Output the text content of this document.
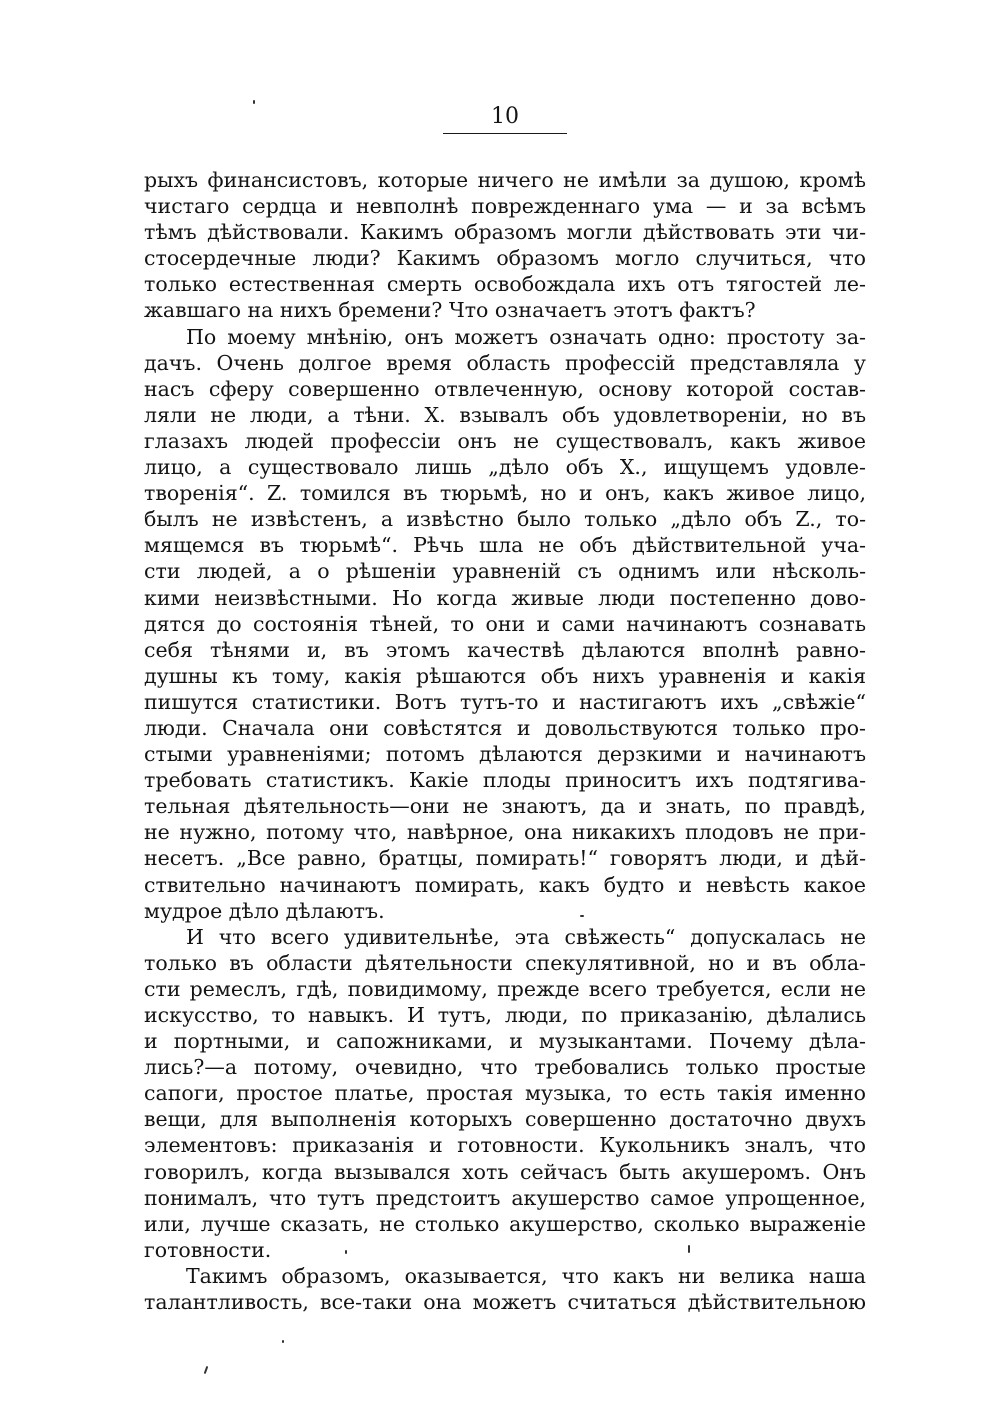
10
рыхъ финансистовъ, которые ничего не имѣли за душою, кромѣ
чистаго сердца и невполнѣ поврежденнаго ума — и за всѣмъ
тѣмъ дѣйствовали. Какимъ образомъ могли дѣйствовать эти чи-
стосердечные люди? Какимъ образомъ могло случиться, что
только естественная смерть освобождала ихъ отъ тягостей ле-
жавшаго на нихъ бремени? Что означаетъ этотъ фактъ?
По моему мнѣнію, онъ можетъ означать одно: простоту за-
дачъ. Очень долгое время область профессій представляла у
насъ сферу совершенно отвлеченную, основу которой состав-
ляли не люди, а тѣни. X. взывалъ объ удовлетвореніи, но въ
глазахъ людей профессіи онъ не существовалъ, какъ живое
лицо, а существовало лишь „дѣло объ X., ищущемъ удовле-
творенія“. Z. томился въ тюрьмѣ, но и онъ, какъ живое лицо,
былъ не извѣстенъ, а извѣстно было только „дѣло объ Z., то-
мящемся въ тюрьмѣ“. Рѣчь шла не объ дѣйствительной уча-
сти людей, а о рѣшеніи уравненій съ однимъ или нѣсколь-
кими неизвѣстными. Но когда живые люди постепенно дово-
дятся до состоянія тѣней, то они и сами начинаютъ сознавать
себя тѣнями и, въ этомъ качествѣ дѣлаются вполнѣ равно-
душны къ тому, какія рѣшаются объ нихъ уравненія и какія
пишутся статистики. Вотъ тутъ-то и настигаютъ ихъ „свѣжіе“
люди. Сначала они совѣстятся и довольствуются только про-
стыми уравненіями; потомъ дѣлаются дерзкими и начинаютъ
требовать статистикъ. Какіе плоды приноситъ ихъ подтягива-
тельная дѣятельность—они не знаютъ, да и знать, по правдѣ,
не нужно, потому что, навѣрное, она никакихъ плодовъ не при-
несетъ. „Все равно, братцы, помирать!“ говорятъ люди, и дѣй-
ствительно начинаютъ помирать, какъ будто и невѣсть какое
мудрое дѣло дѣлаютъ.
И что всего удивительнѣе, эта свѣжесть“ допускалась не
только въ области дѣятельности спекулятивной, но и въ обла-
сти ремеслъ, гдѣ, повидимому, прежде всего требуется, если не
искусство, то навыкъ. И тутъ, люди, по приказанію, дѣлались
и портными, и сапожниками, и музыкантами. Почему дѣла-
лись?—а потому, очевидно, что требовались только простые
сапоги, простое платье, простая музыка, то есть такія именно
вещи, для выполненія которыхъ совершенно достаточно двухъ
элементовъ: приказанія и готовности. Кукольникъ зналъ, что
говорилъ, когда вызывался хоть сейчасъ быть акушеромъ. Онъ
понималъ, что тутъ предстоитъ акушерство самое упрощенное,
или, лучше сказать, не столько акушерство, сколько выраженіе
готовности.
Такимъ образомъ, оказывается, что какъ ни велика наша
талантливость, все-таки она можетъ считаться дѣйствительною
